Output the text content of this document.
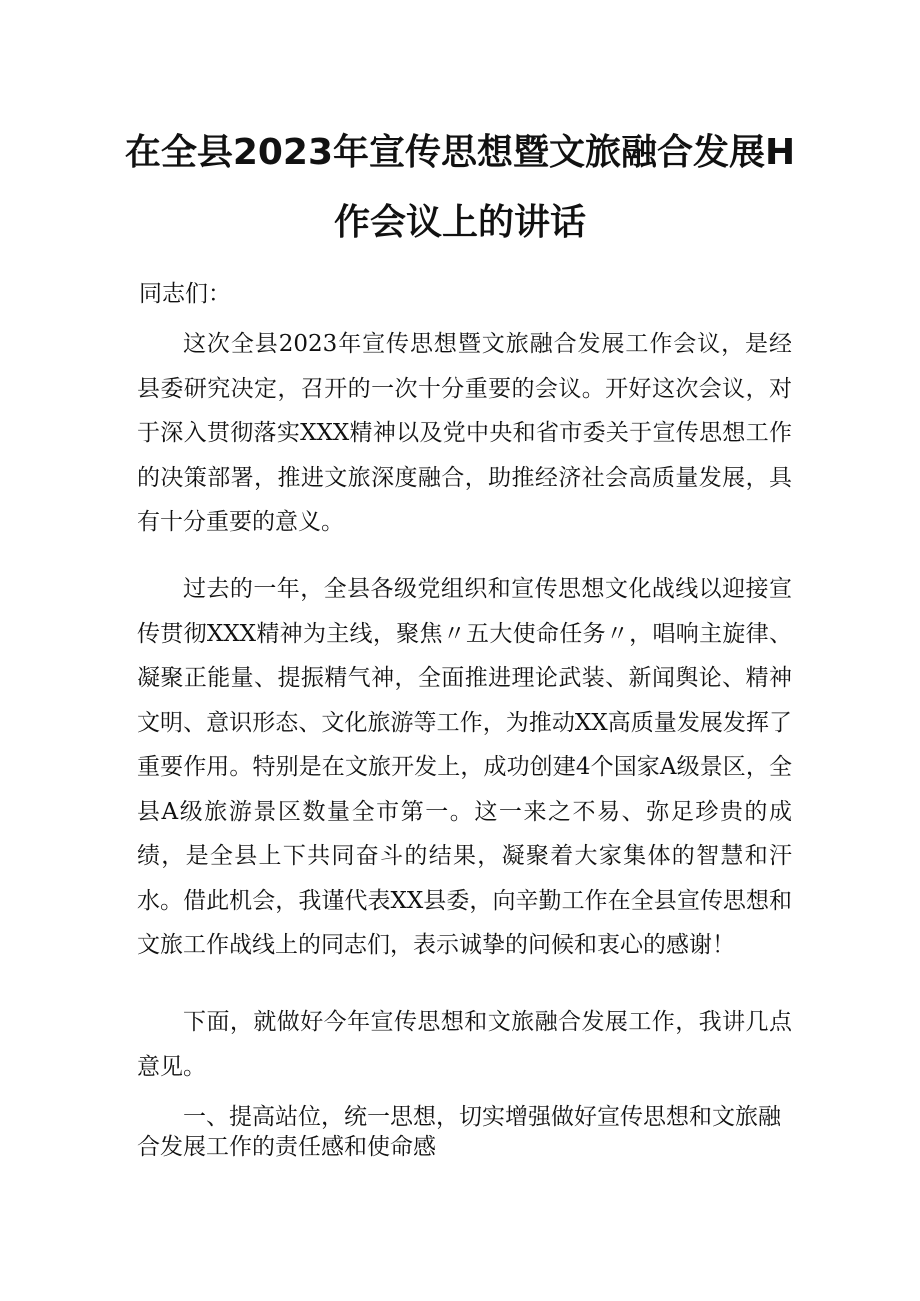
在全县2023年宣传思想暨文旅融合发展H
作会议上的讲话
同志们：

这次全县2023年宣传思想暨文旅融合发展工作会议，是经县委研究决定，召开的一次十分重要的会议。开好这次会议，对于深入贯彻落实XXX精神以及党中央和省市委关于宣传思想工作的决策部署，推进文旅深度融合，助推经济社会高质量发展，具有十分重要的意义。

过去的一年，全县各级党组织和宣传思想文化战线以迎接宣传贯彻XXX精神为主线，聚焦〃五大使命任务〃，唱响主旋律、凝聚正能量、提振精气神，全面推进理论武装、新闻舆论、精神文明、意识形态、文化旅游等工作，为推动XX高质量发展发挥了重要作用。特别是在文旅开发上，成功创建4个国家A级景区，全县A级旅游景区数量全市第一。这一来之不易、弥足珍贵的成绩，是全县上下共同奋斗的结果，凝聚着大家集体的智慧和汗水。借此机会，我谨代表XX县委，向辛勤工作在全县宣传思想和文旅工作战线上的同志们，表示诚挚的问候和衷心的感谢！

下面，就做好今年宣传思想和文旅融合发展工作，我讲几点意见。

一、提高站位，统一思想，切实增强做好宣传思想和文旅融合发展工作的责任感和使命感
